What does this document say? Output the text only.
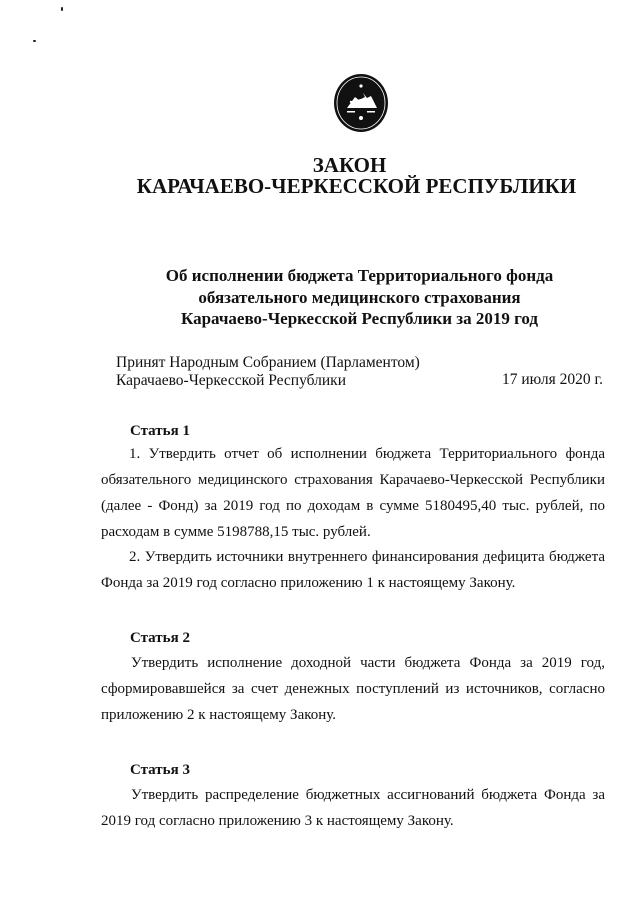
ЗАКОН
КАРАЧАЕВО-ЧЕРКЕССКОЙ РЕСПУБЛИКИ
Об исполнении бюджета Территориального фонда
обязательного медицинского страхования
Карачаево-Черкесской Республики за 2019 год
Принят Народным Собранием (Парламентом)
Карачаево-Черкесской Республики	17 июля 2020 г.
Статья 1
1. Утвердить отчет об исполнении бюджета Территориального фонда
обязательного медицинского страхования Карачаево-Черкесской Республики
(далее - Фонд) за 2019 год по доходам в сумме 5180495,40 тыс. рублей, по
расходам в сумме 5198788,15 тыс. рублей.
2. Утвердить источники внутреннего финансирования дефицита бюджета
Фонда за 2019 год согласно приложению 1 к настоящему Закону.
Статья 2
Утвердить исполнение доходной части бюджета Фонда за 2019 год,
сформировавшейся за счет денежных поступлений из источников, согласно
приложению 2 к настоящему Закону.
Статья 3
Утвердить распределение бюджетных ассигнований бюджета Фонда за
2019 год согласно приложению 3 к настоящему Закону.
